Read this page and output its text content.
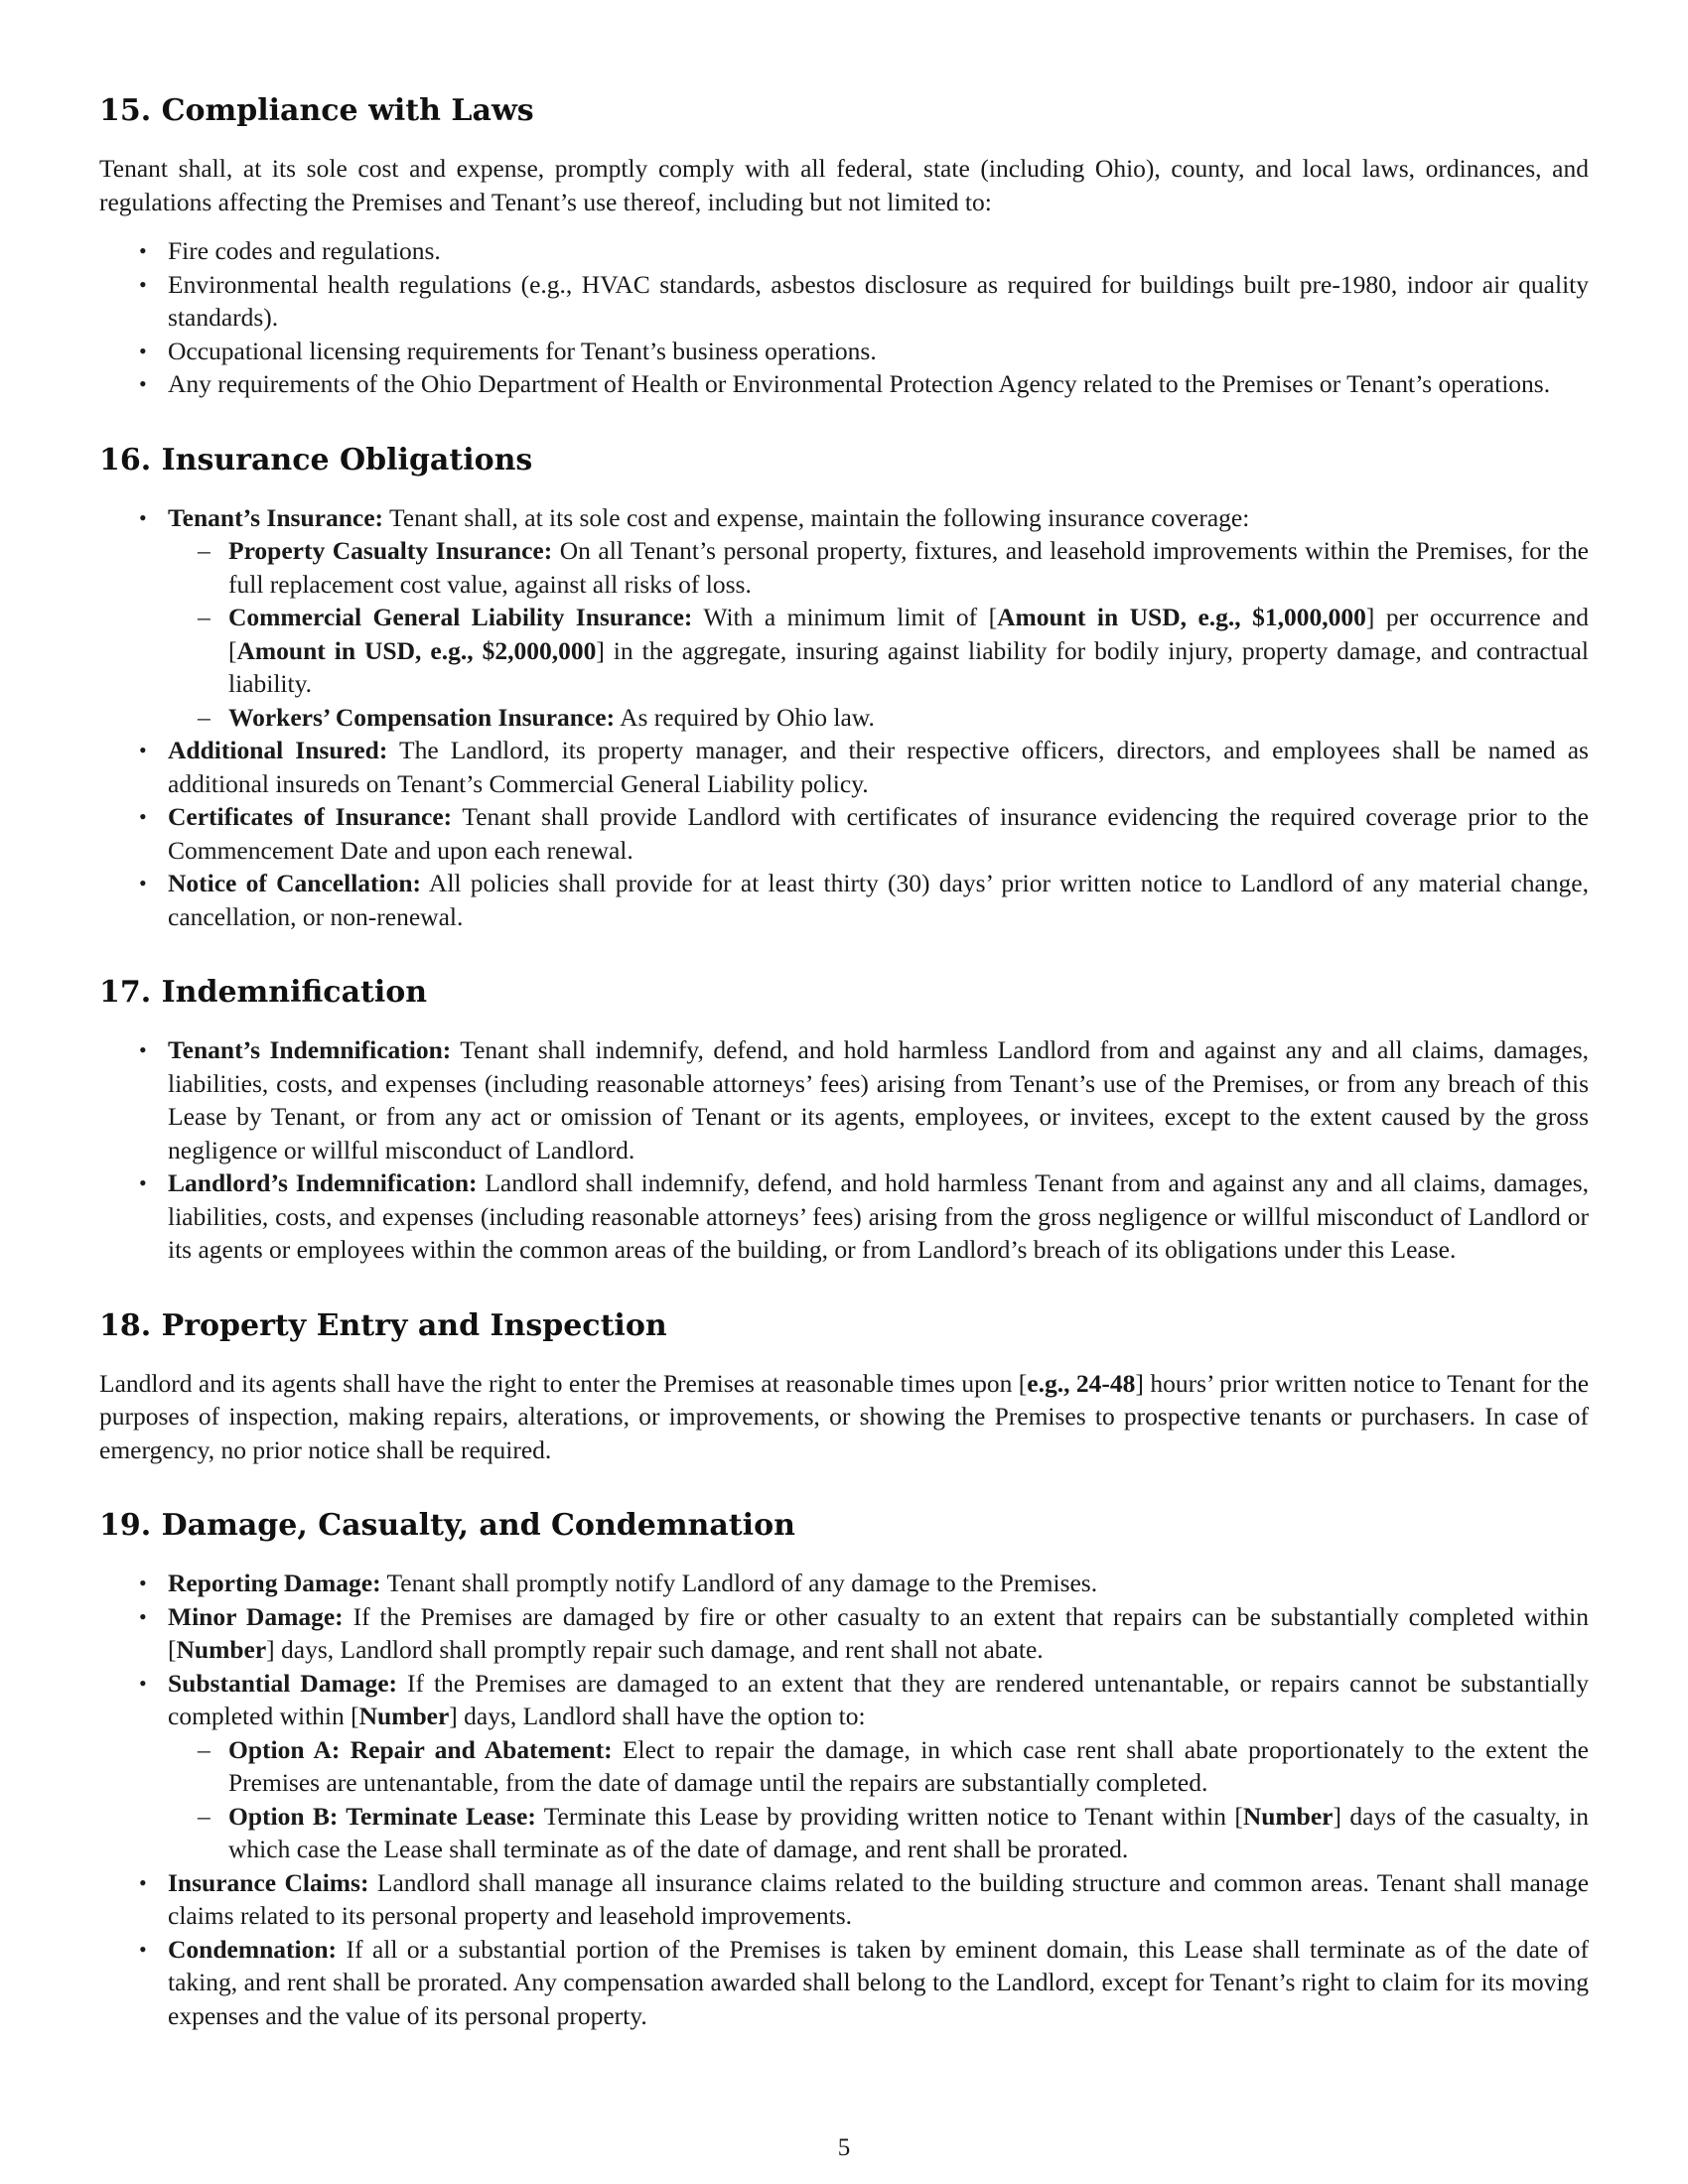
15. Compliance with Laws

Tenant shall, at its sole cost and expense, promptly comply with all federal, state (including Ohio), county, and local laws, ordinances, and regulations affecting the Premises and Tenant’s use thereof, including but not limited to:

• Fire codes and regulations.
• Environmental health regulations (e.g., HVAC standards, asbestos disclosure as required for buildings built pre-1980, indoor air quality standards).
• Occupational licensing requirements for Tenant’s business operations.
• Any requirements of the Ohio Department of Health or Environmental Protection Agency related to the Premises or Tenant’s operations.
16. Insurance Obligations
• Tenant’s Insurance: Tenant shall, at its sole cost and expense, maintain the following insurance coverage:
– Property Casualty Insurance: On all Tenant’s personal property, fixtures, and leasehold improvements within the Premises, for the full replacement cost value, against all risks of loss.
– Commercial General Liability Insurance: With a minimum limit of [Amount in USD, e.g., $1,000,000] per occurrence and [Amount in USD, e.g., $2,000,000] in the aggregate, insuring against liability for bodily injury, property damage, and contractual liability.
– Workers’ Compensation Insurance: As required by Ohio law.
• Additional Insured: The Landlord, its property manager, and their respective officers, directors, and employees shall be named as additional insureds on Tenant’s Commercial General Liability policy.
• Certificates of Insurance: Tenant shall provide Landlord with certificates of insurance evidencing the required coverage prior to the Commencement Date and upon each renewal.
• Notice of Cancellation: All policies shall provide for at least thirty (30) days’ prior written notice to Landlord of any material change, cancellation, or non-renewal.
17. Indemnification
• Tenant’s Indemnification: Tenant shall indemnify, defend, and hold harmless Landlord from and against any and all claims, damages, liabilities, costs, and expenses (including reasonable attorneys’ fees) arising from Tenant’s use of the Premises, or from any breach of this Lease by Tenant, or from any act or omission of Tenant or its agents, employees, or invitees, except to the extent caused by the gross negligence or willful misconduct of Landlord.
• Landlord’s Indemnification: Landlord shall indemnify, defend, and hold harmless Tenant from and against any and all claims, damages, liabilities, costs, and expenses (including reasonable attorneys’ fees) arising from the gross negligence or willful misconduct of Landlord or its agents or employees within the common areas of the building, or from Landlord’s breach of its obligations under this Lease.
18. Property Entry and Inspection

Landlord and its agents shall have the right to enter the Premises at reasonable times upon [e.g., 24-48] hours’ prior written notice to Tenant for the purposes of inspection, making repairs, alterations, or improvements, or showing the Premises to prospective tenants or purchasers. In case of emergency, no prior notice shall be required.

19. Damage, Casualty, and Condemnation
• Reporting Damage: Tenant shall promptly notify Landlord of any damage to the Premises.
• Minor Damage: If the Premises are damaged by fire or other casualty to an extent that repairs can be substantially completed within [Number] days, Landlord shall promptly repair such damage, and rent shall not abate.
• Substantial Damage: If the Premises are damaged to an extent that they are rendered untenantable, or repairs cannot be substantially completed within [Number] days, Landlord shall have the option to:
– Option A: Repair and Abatement: Elect to repair the damage, in which case rent shall abate proportionately to the extent the Premises are untenantable, from the date of damage until the repairs are substantially completed.
– Option B: Terminate Lease: Terminate this Lease by providing written notice to Tenant within [Number] days of the casualty, in which case the Lease shall terminate as of the date of damage, and rent shall be prorated.
• Insurance Claims: Landlord shall manage all insurance claims related to the building structure and common areas. Tenant shall manage claims related to its personal property and leasehold improvements.
• Condemnation: If all or a substantial portion of the Premises is taken by eminent domain, this Lease shall terminate as of the date of taking, and rent shall be prorated. Any compensation awarded shall belong to the Landlord, except for Tenant’s right to claim for its moving expenses and the value of its personal property.
5
